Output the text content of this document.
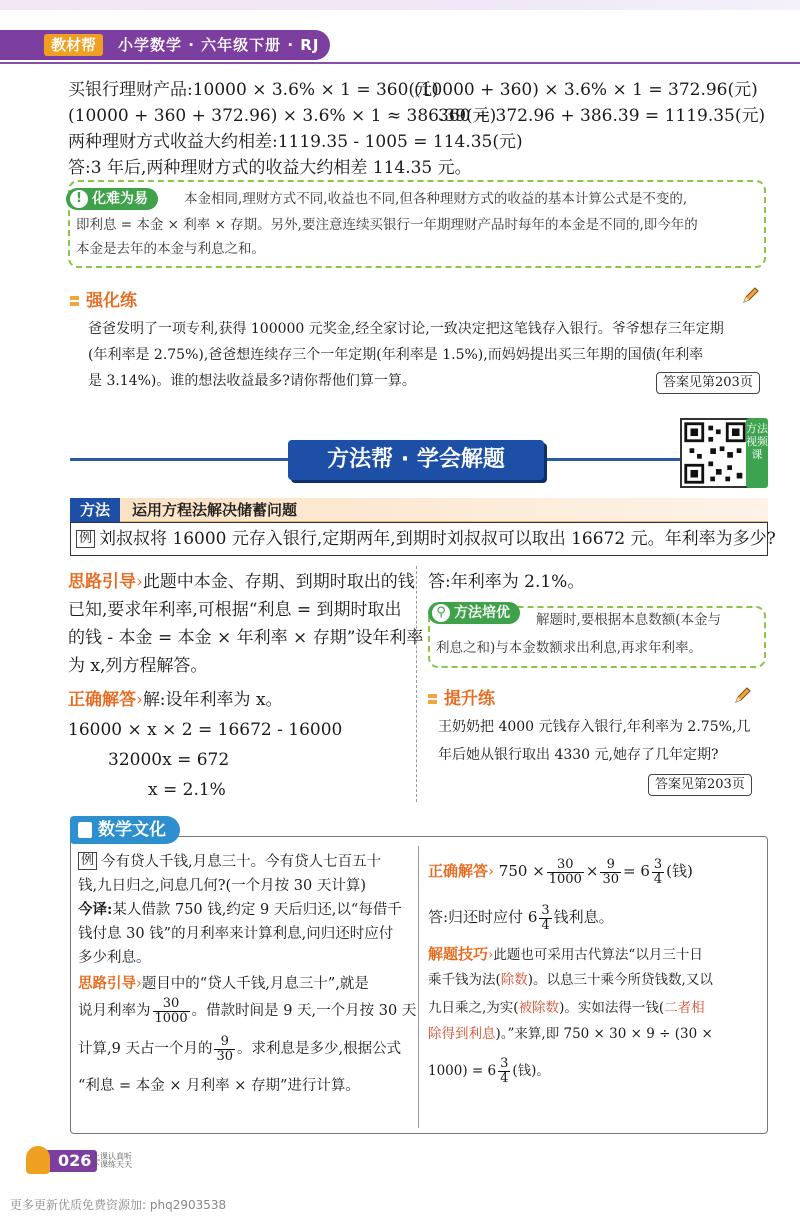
教材帮	小学数学 · 六年级下册 · RJ
买银行理财产品:10000 × 3.6% × 1 = 360(元)
(10000 + 360) × 3.6% × 1 = 372.96(元)
(10000 + 360 + 372.96) × 3.6% × 1 ≈ 386.39(元)
360 + 372.96 + 386.39 = 1119.35(元)
两种理财方式收益大约相差:1119.35 - 1005 = 114.35(元)
答:3 年后,两种理财方式的收益大约相差 114.35 元。
化难为易
!	本金相同,理财方式不同,收益也不同,但各种理财方式的收益的基本计算公式是不变的,
即利息 = 本金 × 利率 × 存期。另外,要注意连续买银行一年期理财产品时每年的本金是不同的,即今年的
本金是去年的本金与利息之和。
强化练
爸爸发明了一项专利,获得 100000 元奖金,经全家讨论,一致决定把这笔钱存入银行。爷爷想存三年定期
(年利率是 2.75%),爸爸想连续存三个一年定期(年利率是 1.5%),而妈妈提出买三年期的国债(年利率
是 3.14%)。谁的想法收益最多?请你帮他们算一算。	答案见第203页
方法帮 · 学会解题
方法视频课
方法	运用方程法解决储蓄问题
例 刘叔叔将 16000 元存入银行,定期两年,到期时刘叔叔可以取出 16672 元。年利率为多少?
思路引导›此题中本金、存期、到期时取出的钱
已知,要求年利率,可根据“利息 = 到期时取出
的钱 - 本金 = 本金 × 年利率 × 存期”设年利率
为 x,列方程解答。
正确解答›解:设年利率为 x。
16000 × x × 2 = 16672 - 16000
32000x = 672
x = 2.1%
答:年利率为 2.1%。
方法培优
⚲	解题时,要根据本息数额(本金与
利息之和)与本金数额求出利息,再求年利率。
提升练
王奶奶把 4000 元钱存入银行,年利率为 2.75%,几
年后她从银行取出 4330 元,她存了几年定期?
答案见第203页
数学文化
例 今有贷人千钱,月息三十。今有贷人七百五十
钱,九日归之,问息几何?(一个月按 30 天计算)
今译:某人借款 750 钱,约定 9 天后归还,以“每借千
钱付息 30 钱”的月利率来计算利息,问归还时应付
多少利息。
思路引导›题目中的“贷人千钱,月息三十”,就是
说月利率为 $\frac{30}{1000}$ 。借款时间是 9 天,一个月按 30 天
计算,9 天占一个月的 $\frac{9}{30}$ 。求利息是多少,根据公式
“利息 = 本金 × 月利率 × 存期”进行计算。
正确解答› $750 \times \frac{30}{1000} \times \frac{9}{30} = 6 \frac{3}{4}$ (钱)
答:归还时应付 $6 \frac{3}{4}$ 钱利息。
解题技巧›此题也可采用古代算法“以月三十日
乘千钱为法(除数)。以息三十乘今所贷钱数,又以
九日乘之,为实(被除数)。实如法得一钱(二者相
除得到利息)。”来算,即 750 × 30 × 9 ÷ (30 ×
$1000) = 6 \frac{3}{4}$ (钱)。
026 上课认真听
下课练天天
更多更新优质免费资源加: phq2903538
